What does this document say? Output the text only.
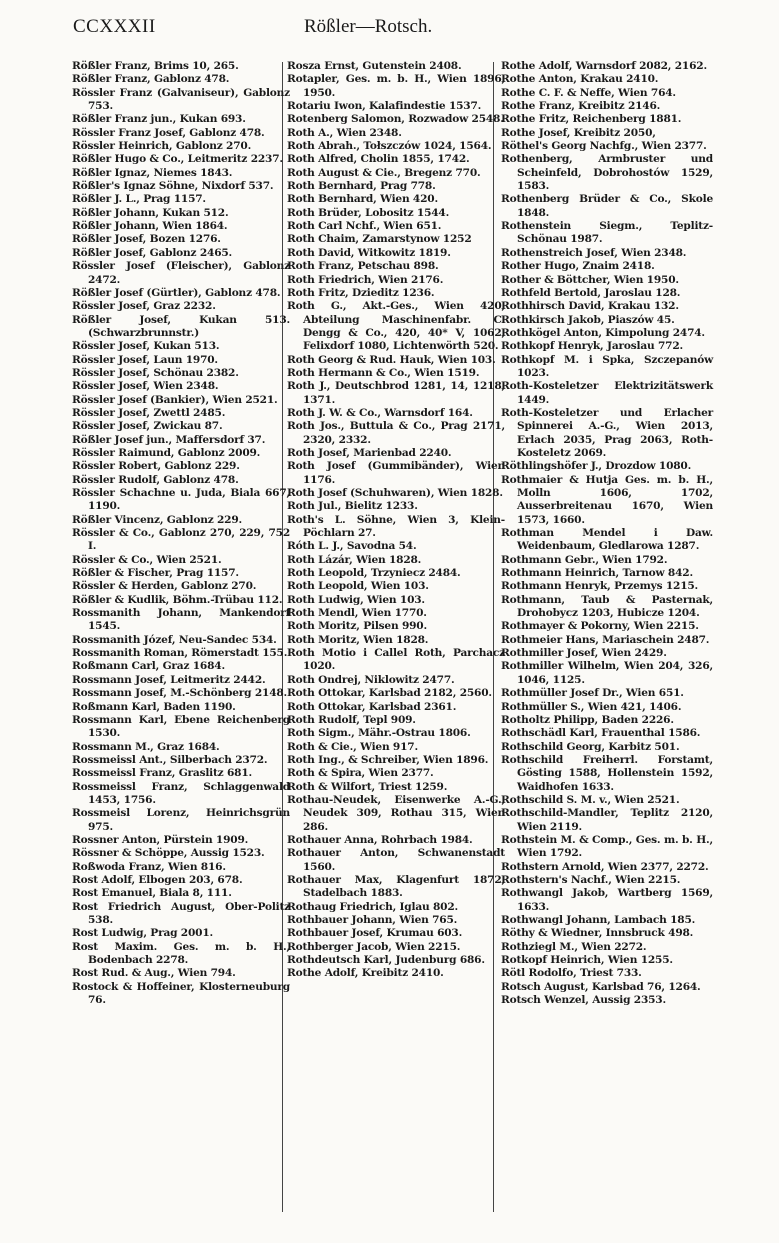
CCXXXII	Rößler—Rotsch.
Rößler Franz, Brims 10, 265.
Rößler Franz, Gablonz 478.
Rössler Franz (Galvaniseur), Gablonz 753.
Rößler Franz jun., Kukan 693.
Rössler Franz Josef, Gablonz 478.
Rössler Heinrich, Gablonz 270.
Rößler Hugo & Co., Leitmeritz 2237.
Rößler Ignaz, Niemes 1843.
Rößler's Ignaz Söhne, Nixdorf 537.
Rößler J. L., Prag 1157.
Rößler Johann, Kukan 512.
Rößler Johann, Wien 1864.
Rößler Josef, Bozen 1276.
Rößler Josef, Gablonz 2465.
Rössler Josef (Fleischer), Gablonz 2472.
Rößler Josef (Gürtler), Gablonz 478.
Rössler Josef, Graz 2232.
Rößler Josef, Kukan 513. (Schwarzbrunnstr.)
Rössler Josef, Kukan 513.
Rössler Josef, Laun 1970.
Rössler Josef, Schönau 2382.
Rössler Josef, Wien 2348.
Rössler Josef (Bankier), Wien 2521.
Rössler Josef, Zwettl 2485.
Rössler Josef, Zwickau 87.
Rößler Josef jun., Maffersdorf 37.
Rössler Raimund, Gablonz 2009.
Rössler Robert, Gablonz 229.
Rössler Rudolf, Gablonz 478.
Rössler Schachne u. Juda, Biala 667, 1190.
Rößler Vincenz, Gablonz 229.
Rössler & Co., Gablonz 270, 229, 752 I.
Rössler & Co., Wien 2521.
Rößler & Fischer, Prag 1157.
Rössler & Herden, Gablonz 270.
Rößler & Kudlik, Böhm.-Trübau 112.
Rossmanith Johann, Mankendorf 1545.
Rossmanith Józef, Neu-Sandec 534.
Rossmanith Roman, Römerstadt 155.
Roßmann Carl, Graz 1684.
Rossmann Josef, Leitmeritz 2442.
Rossmann Josef, M.-Schönberg 2148.
Roßmann Karl, Baden 1190.
Rossmann Karl, Ebene Reichenberg 1530.
Rossmann M., Graz 1684.
Rossmeissl Ant., Silberbach 2372.
Rossmeissl Franz, Graslitz 681.
Rossmeissl Franz, Schlaggenwald 1453, 1756.
Rossmeisl Lorenz, Heinrichsgrün 975.
Rossner Anton, Pürstein 1909.
Rössner & Schöppe, Aussig 1523.
Roßwoda Franz, Wien 816.
Rost Adolf, Elbogen 203, 678.
Rost Emanuel, Biala 8, 111.
Rost Friedrich August, Ober-Politz 538.
Rost Ludwig, Prag 2001.
Rost Maxim. Ges. m. b. H., Bodenbach 2278.
Rost Rud. & Aug., Wien 794.
Rostock & Hoffeiner, Klosterneuburg 76.
Rosza Ernst, Gutenstein 2408.
Rotapler, Ges. m. b. H., Wien 1896, 1950.
Rotariu Iwon, Kalafindestie 1537.
Rotenberg Salomon, Rozwadow 2548.
Roth A., Wien 2348.
Roth Abrah., Tołszczów 1024, 1564.
Roth Alfred, Cholin 1855, 1742.
Roth August & Cie., Bregenz 770.
Roth Bernhard, Prag 778.
Roth Bernhard, Wien 420.
Roth Brüder, Lobositz 1544.
Roth Carl Nchf., Wien 651.
Roth Chaim, Zamarstynow 1252
Roth David, Witkowitz 1819.
Roth Franz, Petschau 898.
Roth Friedrich, Wien 2176.
Roth Fritz, Dzieditz 1236.
Roth G., Akt.-Ges., Wien 420, Abteilung Maschinenfabr. C. Dengg & Co., 420, 40* V, 1062, Felixdorf 1080, Lichtenwörth 520.
Roth Georg & Rud. Hauk, Wien 103.
Roth Hermann & Co., Wien 1519.
Roth J., Deutschbrod 1281, 14, 1218, 1371.
Roth J. W. & Co., Warnsdorf 164.
Roth Jos., Buttula & Co., Prag 2171, 2320, 2332.
Roth Josef, Marienbad 2240.
Roth Josef (Gummibänder), Wien 1176.
Roth Josef (Schuhwaren), Wien 1828.
Roth Jul., Bielitz 1233.
Roth's L. Söhne, Wien 3, Klein-Pöchlarn 27.
Róth L. J., Savodna 54.
Roth Lázár, Wien 1828.
Roth Leopold, Trzyniecz 2484.
Roth Leopold, Wien 103.
Roth Ludwig, Wien 103.
Roth Mendl, Wien 1770.
Roth Moritz, Pilsen 990.
Roth Moritz, Wien 1828.
Roth Motio i Callel Roth, Parchacz 1020.
Roth Ondrej, Niklowitz 2477.
Roth Ottokar, Karlsbad 2182, 2560.
Roth Ottokar, Karlsbad 2361.
Roth Rudolf, Tepl 909.
Roth Sigm., Mähr.-Ostrau 1806.
Roth & Cie., Wien 917.
Roth Ing., & Schreiber, Wien 1896.
Roth & Spira, Wien 2377.
Roth & Wilfort, Triest 1259.
Rothau-Neudek, Eisenwerke A.-G., Neudek 309, Rothau 315, Wien 286.
Rothauer Anna, Rohrbach 1984.
Rothauer Anton, Schwanenstadt 1560.
Rothauer Max, Klagenfurt 1872, Stadelbach 1883.
Rothaug Friedrich, Iglau 802.
Rothbauer Johann, Wien 765.
Rothbauer Josef, Krumau 603.
Rothberger Jacob, Wien 2215.
Rothdeutsch Karl, Judenburg 686.
Rothe Adolf, Kreibitz 2410.
Rothe Adolf, Warnsdorf 2082, 2162.
Rothe Anton, Krakau 2410.
Rothe C. F. & Neffe, Wien 764.
Rothe Franz, Kreibitz 2146.
Rothe Fritz, Reichenberg 1881.
Rothe Josef, Kreibitz 2050,
Röthel's Georg Nachfg., Wien 2377.
Rothenberg, Armbruster und Scheinfeld, Dobrohostów 1529, 1583.
Rothenberg Brüder & Co., Skole 1848.
Rothenstein Siegm., Teplitz-Schönau 1987.
Rothenstreich Josef, Wien 2348.
Rother Hugo, Znaim 2418.
Rother & Böttcher, Wien 1950.
Rothfeld Bertold, Jaroslau 128.
Rothhirsch David, Krakau 132.
Rothkirsch Jakob, Piaszów 45.
Rothkögel Anton, Kimpolung 2474.
Rothkopf Henryk, Jaroslau 772.
Rothkopf M. i Spka, Szczepanów 1023.
Roth-Kosteletzer Elektrizitätswerk 1449.
Roth-Kosteletzer und Erlacher Spinnerei A.-G., Wien 2013, Erlach 2035, Prag 2063, Roth-Kosteletz 2069.
Röthlingshöfer J., Drozdow 1080.
Rothmaier & Hutja Ges. m. b. H., Molln 1606, 1702, Ausserbreitenau 1670, Wien 1573, 1660.
Rothman Mendel i Daw. Weidenbaum, Gledlarowa 1287.
Rothmann Gebr., Wien 1792.
Rothmann Heinrich, Tarnow 842.
Rothmann Henryk, Przemys 1215.
Rothmann, Taub & Pasternak, Drohobycz 1203, Hubicze 1204.
Rothmayer & Pokorny, Wien 2215.
Rothmeier Hans, Mariaschein 2487.
Rothmiller Josef, Wien 2429.
Rothmiller Wilhelm, Wien 204, 326, 1046, 1125.
Rothmüller Josef Dr., Wien 651.
Rothmüller S., Wien 421, 1406.
Rotholtz Philipp, Baden 2226.
Rothschädl Karl, Frauenthal 1586.
Rothschild Georg, Karbitz 501.
Rothschild Freiherrl. Forstamt, Gösting 1588, Hollenstein 1592, Waidhofen 1633.
Rothschild S. M. v., Wien 2521.
Rothschild-Mandler, Teplitz 2120, Wien 2119.
Rothstein M. & Comp., Ges. m. b. H., Wien 1792.
Rothstern Arnold, Wien 2377, 2272.
Rothstern's Nachf., Wien 2215.
Rothwangl Jakob, Wartberg 1569, 1633.
Rothwangl Johann, Lambach 185.
Röthy & Wiedner, Innsbruck 498.
Rothziegl M., Wien 2272.
Rotkopf Heinrich, Wien 1255.
Rötl Rodolfo, Triest 733.
Rotsch August, Karlsbad 76, 1264.
Rotsch Wenzel, Aussig 2353.
